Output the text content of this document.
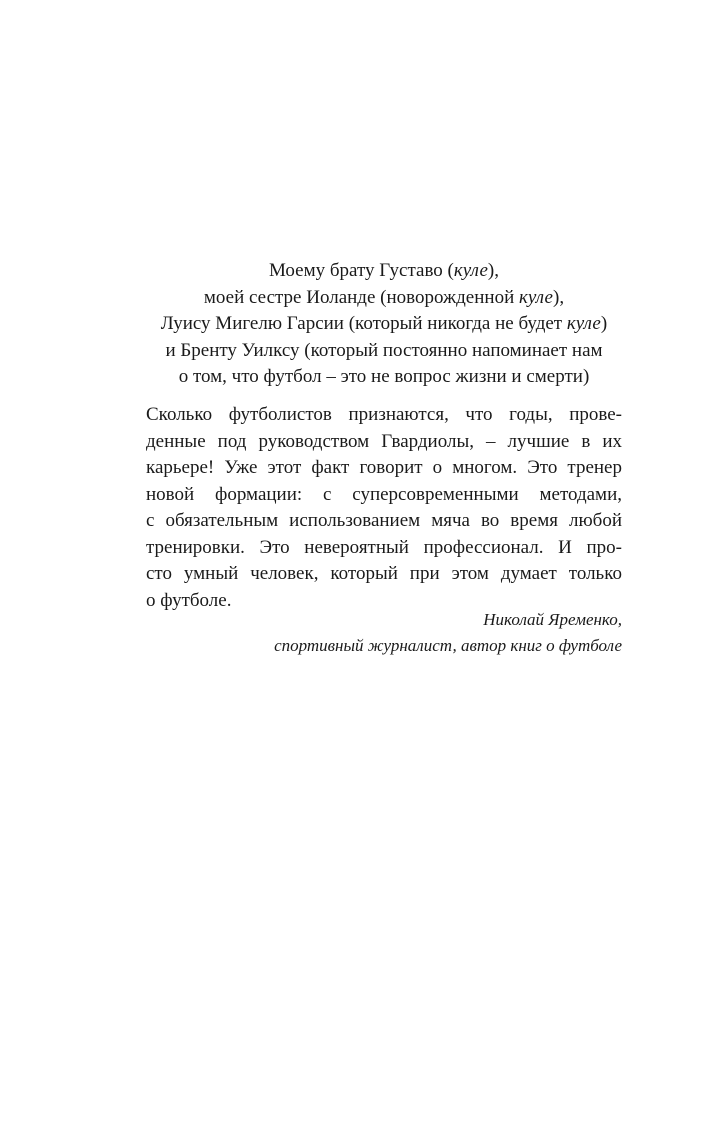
Моему брату Густаво (куле),
моей сестре Иоланде (новорожденной куле),
Луису Мигелю Гарсии (который никогда не будет куле)
и Бренту Уилксу (который постоянно напоминает нам
о том, что футбол – это не вопрос жизни и смерти)
Сколько футболистов признаются, что годы, прове-
денные под руководством Гвардиолы, – лучшие в их
карьере! Уже этот факт говорит о многом. Это тренер
новой формации: с суперсовременными методами,
с обязательным использованием мяча во время любой
тренировки. Это невероятный профессионал. И про-
сто умный человек, который при этом думает только
о футболе.
Николай Яременко,
спортивный журналист, автор книг о футболе
